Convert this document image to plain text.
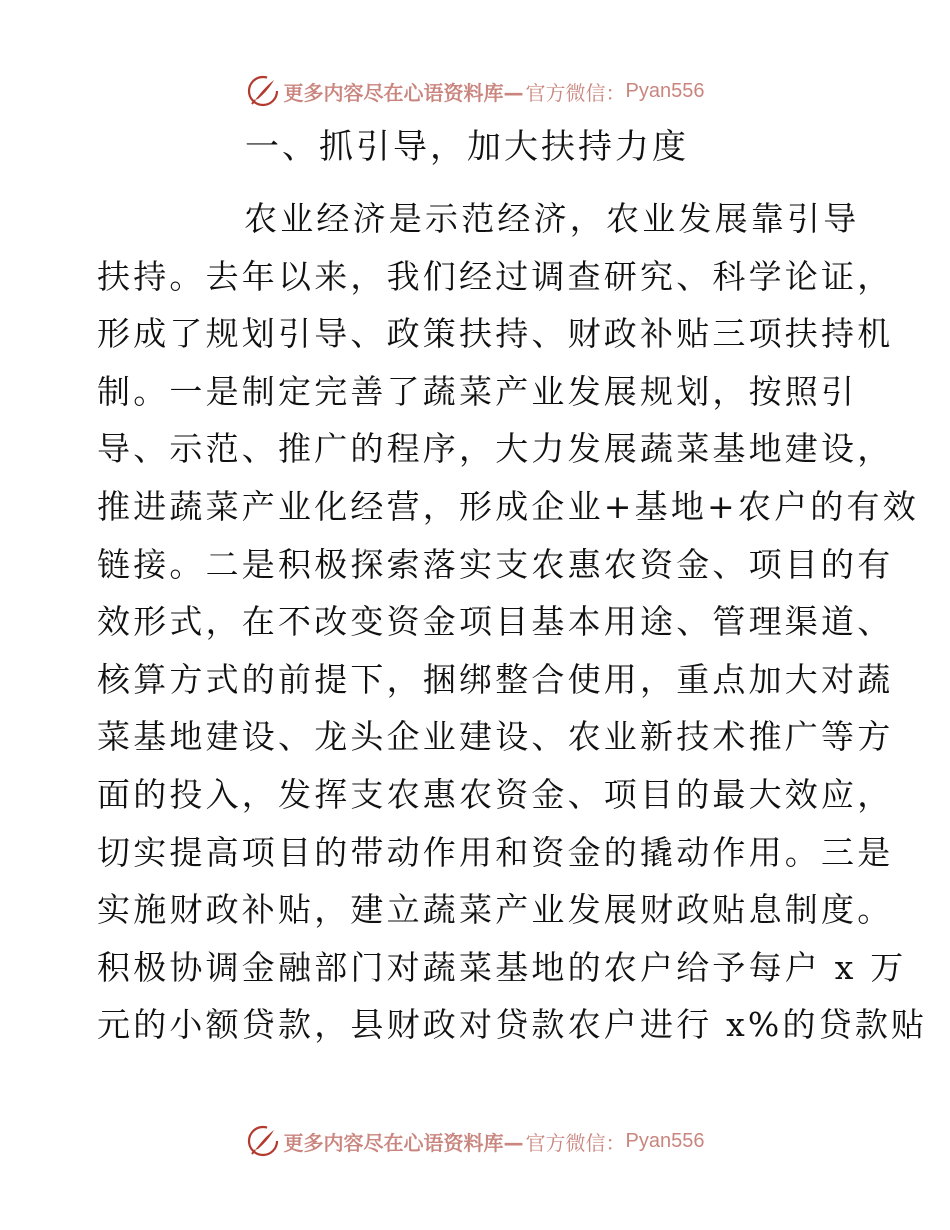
更多内容尽在心语资料库— 官方微信： Pyan556
一、抓引导，加大扶持力度
农业经济是示范经济，农业发展靠引导
扶持。去年以来，我们经过调查研究、科学论证，
形成了规划引导、政策扶持、财政补贴三项扶持机
制。一是制定完善了蔬菜产业发展规划，按照引
导、示范、推广的程序，大力发展蔬菜基地建设，
推进蔬菜产业化经营，形成企业+基地+农户的有效
链接。二是积极探索落实支农惠农资金、项目的有
效形式，在不改变资金项目基本用途、管理渠道、
核算方式的前提下，捆绑整合使用，重点加大对蔬
菜基地建设、龙头企业建设、农业新技术推广等方
面的投入，发挥支农惠农资金、项目的最大效应，
切实提高项目的带动作用和资金的撬动作用。三是
实施财政补贴，建立蔬菜产业发展财政贴息制度。
积极协调金融部门对蔬菜基地的农户给予每户 x 万
元的小额贷款，县财政对贷款农户进行 x%的贷款贴
更多内容尽在心语资料库— 官方微信： Pyan556
